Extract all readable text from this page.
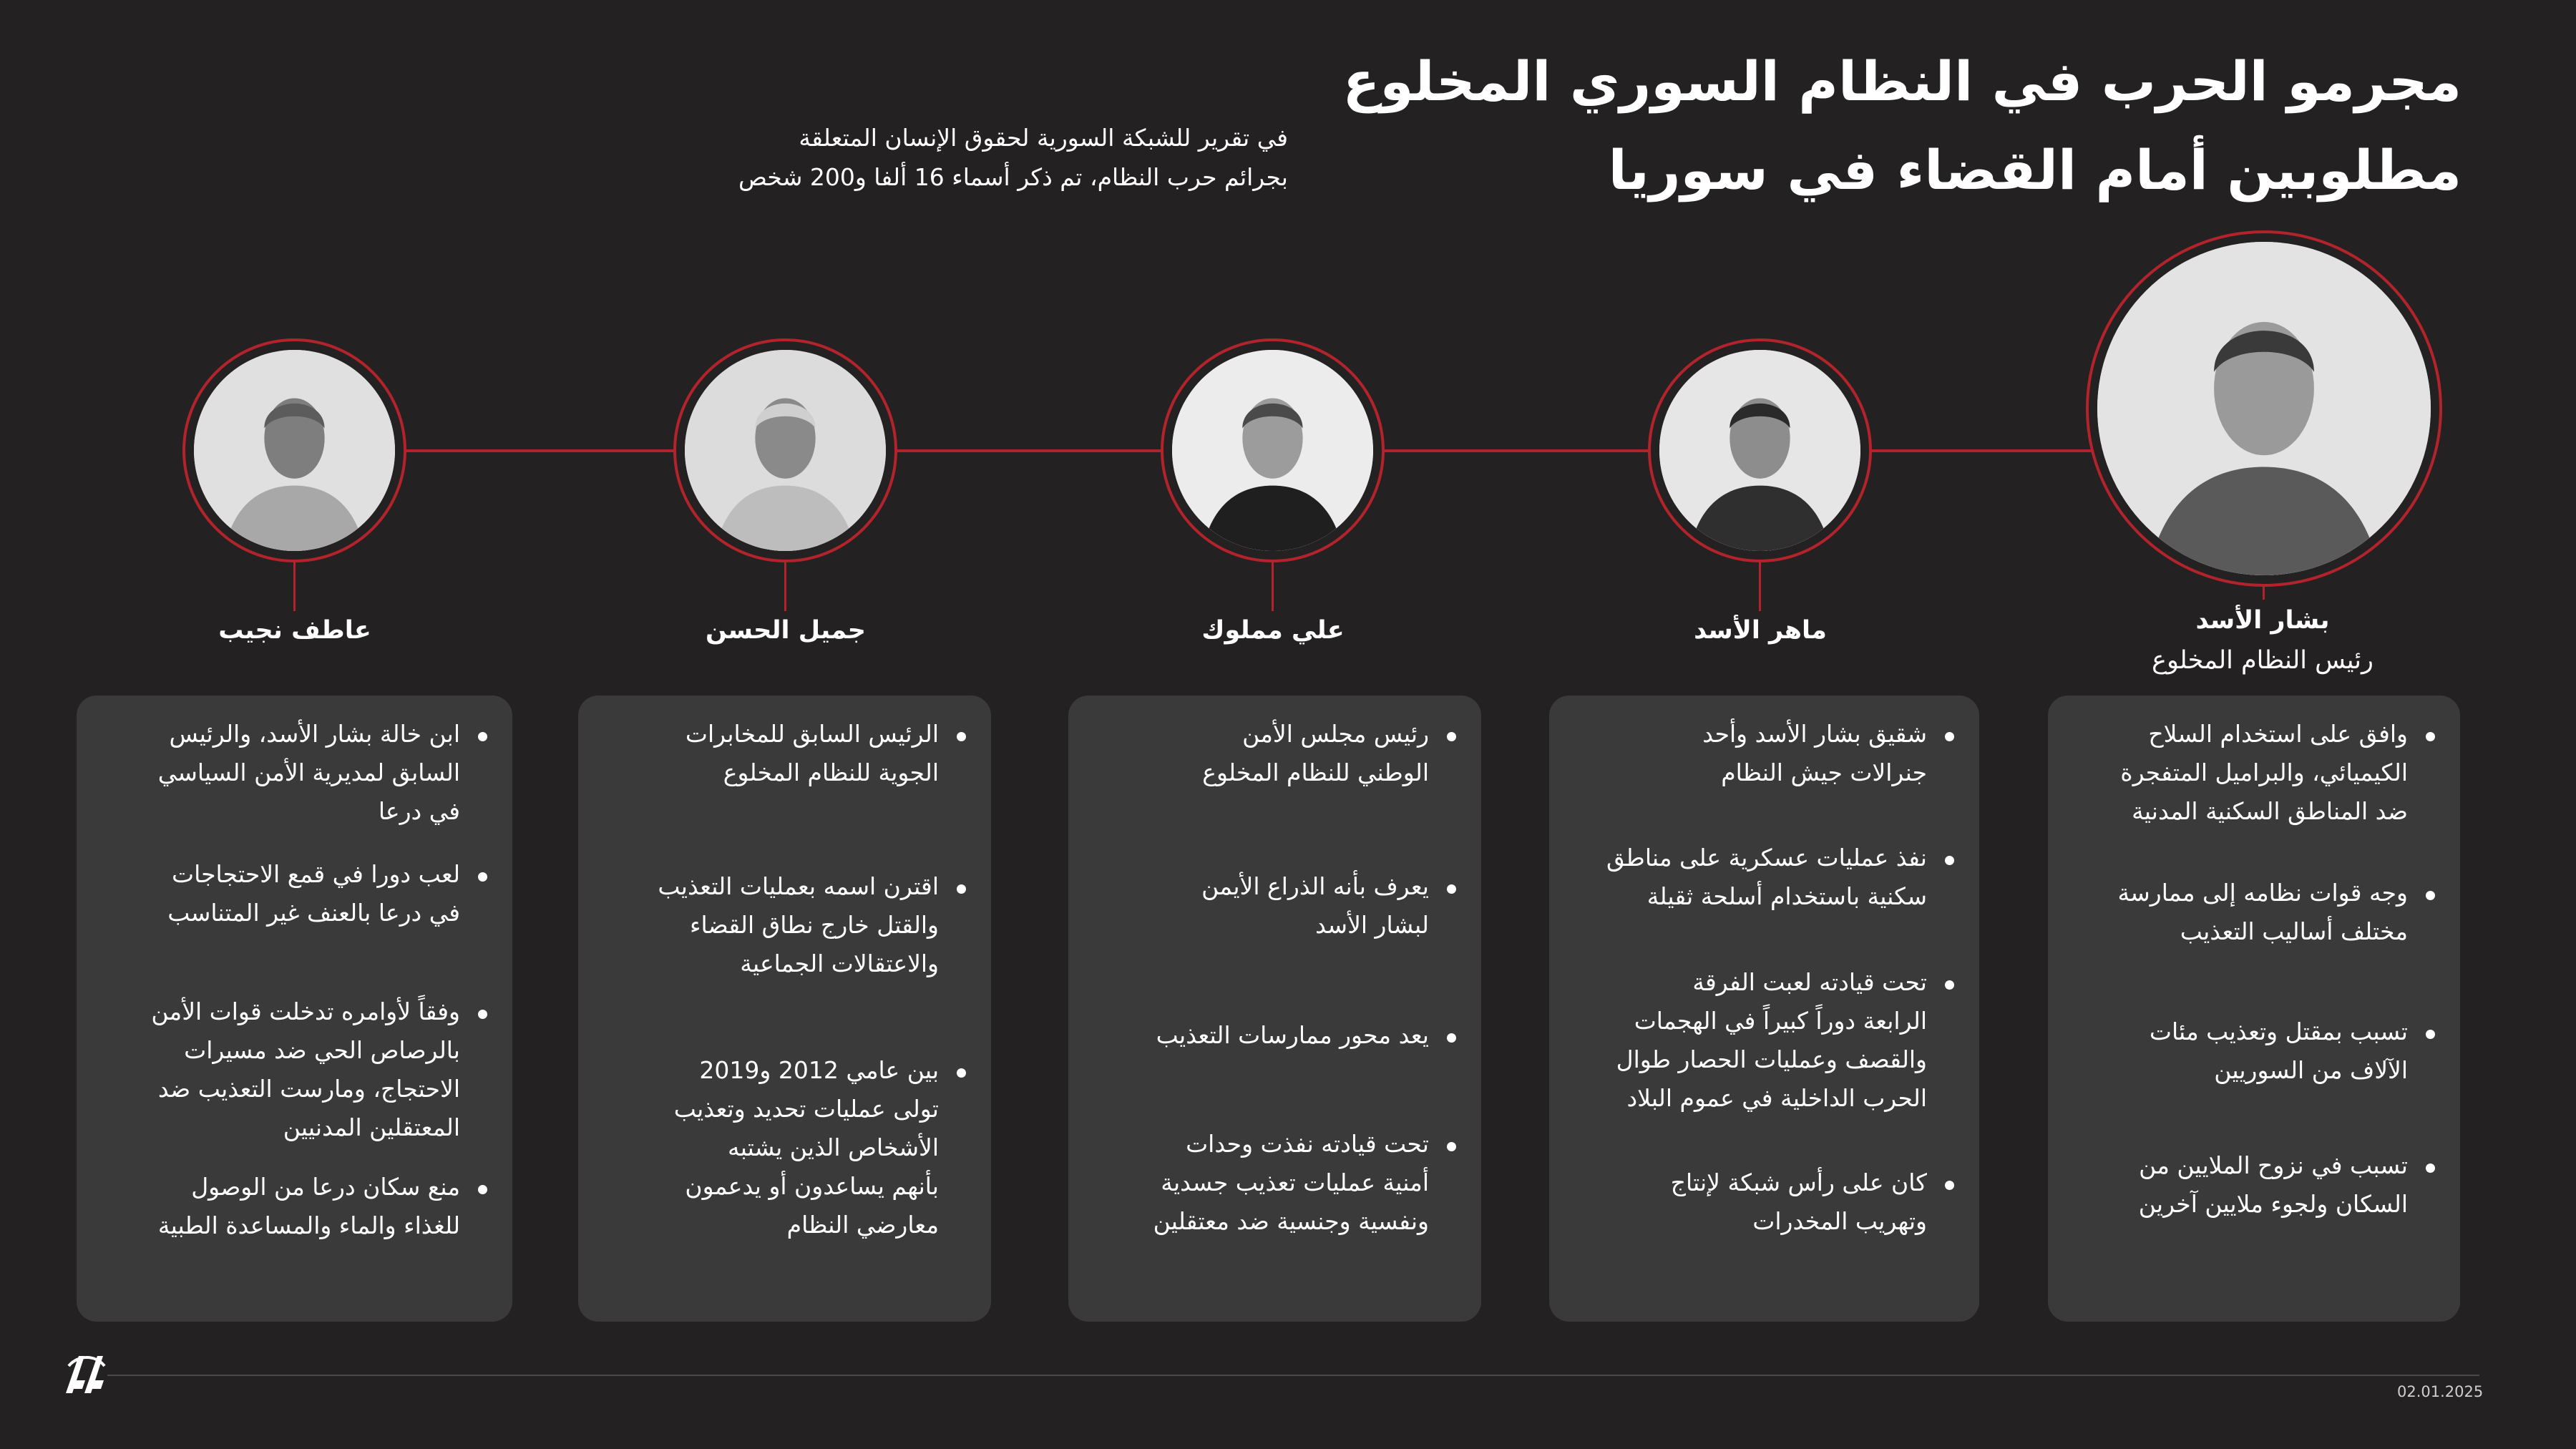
مجرمو الحرب في النظام السوري المخلوع
مطلوبين أمام القضاء في سوريا
في تقرير للشبكة السورية لحقوق الإنسان المتعلقة
بجرائم حرب النظام، تم ذكر أسماء 16 ألفا و200 شخص
بشار الأسد
رئيس النظام المخلوع
ماهر الأسد
علي مملوك
جميل الحسن
عاطف نجيب
وافق على استخدام السلاح
الكيميائي، والبراميل المتفجرة
ضد المناطق السكنية المدنية
وجه قوات نظامه إلى ممارسة
مختلف أساليب التعذيب
تسبب بمقتل وتعذيب مئات
الآلاف من السوريين
تسبب في نزوح الملايين من
السكان ولجوء ملايين آخرين
شقيق بشار الأسد وأحد
جنرالات جيش النظام
نفذ عمليات عسكرية على مناطق
سكنية باستخدام أسلحة ثقيلة
تحت قيادته لعبت الفرقة
الرابعة دوراً كبيراً في الهجمات
والقصف وعمليات الحصار طوال
الحرب الداخلية في عموم البلاد
كان على رأس شبكة لإنتاج
وتهريب المخدرات
رئيس مجلس الأمن
الوطني للنظام المخلوع
يعرف بأنه الذراع الأيمن
لبشار الأسد
يعد محور ممارسات التعذيب
تحت قيادته نفذت وحدات
أمنية عمليات تعذيب جسدية
ونفسية وجنسية ضد معتقلين
الرئيس السابق للمخابرات
الجوية للنظام المخلوع
اقترن اسمه بعمليات التعذيب
والقتل خارج نطاق القضاء
والاعتقالات الجماعية
بين عامي 2012 و2019
تولى عمليات تحديد وتعذيب
الأشخاص الذين يشتبه
بأنهم يساعدون أو يدعمون
معارضي النظام
ابن خالة بشار الأسد، والرئيس
السابق لمديرية الأمن السياسي
في درعا
لعب دورا في قمع الاحتجاجات
في درعا بالعنف غير المتناسب
وفقاً لأوامره تدخلت قوات الأمن
بالرصاص الحي ضد مسيرات
الاحتجاج، ومارست التعذيب ضد
المعتقلين المدنيين
منع سكان درعا من الوصول
للغذاء والماء والمساعدة الطبية
02.01.2025
